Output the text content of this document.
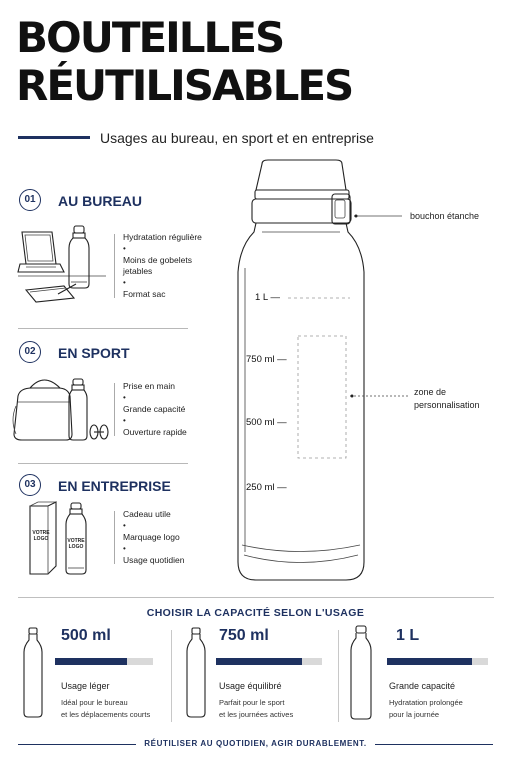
BOUTEILLES
RÉUTILISABLES
Usages au bureau, en sport et en entreprise
01	AU BUREAU
Hydratation régulière
•
Moins de gobelets jetables
•
Format sac
02	EN SPORT
Prise en main
•
Grande capacité
•
Ouverture rapide
03	EN ENTREPRISE
VOTRE LOGO	VOTRE LOGO
Cadeau utile
•
Marquage logo
•
Usage quotidien
1 L —
750 ml —
500 ml —
250 ml —
bouchon étanche
zone de
personnalisation
CHOISIR LA CAPACITÉ SELON L'USAGE
500 ml
Usage léger
Idéal pour le bureau
et les déplacements courts
750 ml
Usage équilibré
Parfait pour le sport
et les journées actives
1 L
Grande capacité
Hydratation prolongée
pour la journée
RÉUTILISER AU QUOTIDIEN, AGIR DURABLEMENT.
